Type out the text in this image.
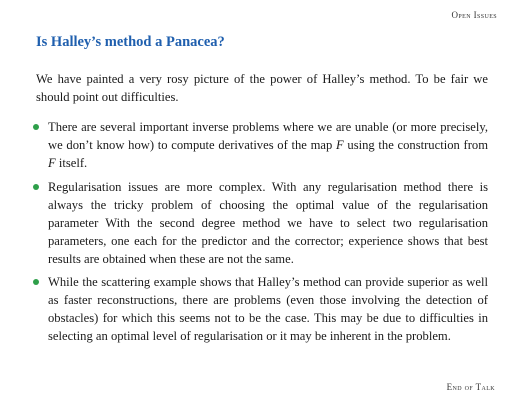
Open Issues
Is Halley’s method a Panacea?

We have painted a very rosy picture of the power of Halley’s method. To be fair we should point out difficulties.

There are several important inverse problems where we are unable (or more precisely, we don’t know how) to compute derivatives of the map F using the construction from F itself.
Regularisation issues are more complex. With any regularisation method there is always the tricky problem of choosing the optimal value of the regularisation parameter With the second degree method we have to select two regularisation parameters, one each for the predictor and the corrector; experience shows that best results are obtained when these are not the same.
While the scattering example shows that Halley’s method can provide superior as well as faster reconstructions, there are problems (even those involving the detection of obstacles) for which this seems not to be the case. This may be due to difficulties in selecting an optimal level of regularisation or it may be inherent in the problem.
End of Talk
